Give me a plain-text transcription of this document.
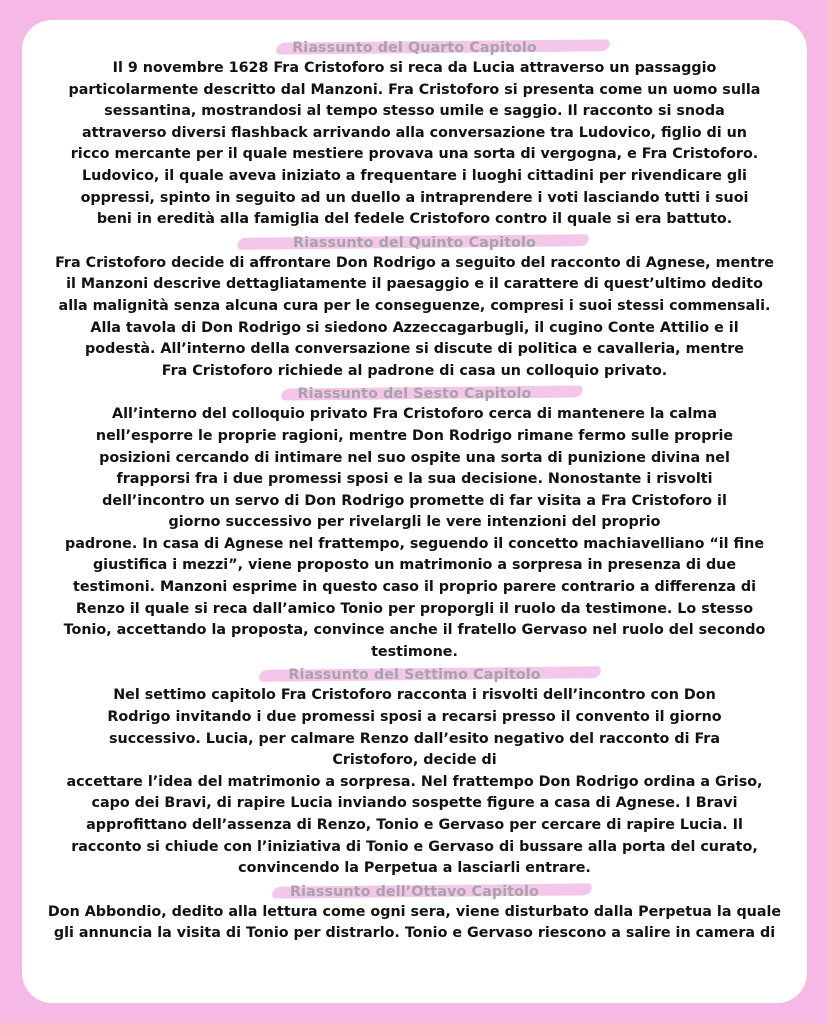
Riassunto del Quarto Capitolo

Il 9 novembre 1628 Fra Cristoforo si reca da Lucia attraverso un passaggio particolarmente descritto dal Manzoni. Fra Cristoforo si presenta come un uomo sulla sessantina, mostrandosi al tempo stesso umile e saggio. Il racconto si snoda attraverso diversi flashback arrivando alla conversazione tra Ludovico, figlio di un ricco mercante per il quale mestiere provava una sorta di vergogna, e Fra Cristoforo. Ludovico, il quale aveva iniziato a frequentare i luoghi cittadini per rivendicare gli oppressi, spinto in seguito ad un duello a intraprendere i voti lasciando tutti i suoi beni in eredità alla famiglia del fedele Cristoforo contro il quale si era battuto.

Riassunto del Quinto Capitolo

Fra Cristoforo decide di affrontare Don Rodrigo a seguito del racconto di Agnese, mentre il Manzoni descrive dettagliatamente il paesaggio e il carattere di quest’ultimo dedito alla malignità senza alcuna cura per le conseguenze, compresi i suoi stessi commensali.

Alla tavola di Don Rodrigo si siedono Azzeccagarbugli, il cugino Conte Attilio e il podestà. All’interno della conversazione si discute di politica e cavalleria, mentre Fra Cristoforo richiede al padrone di casa un colloquio privato.

Riassunto del Sesto Capitolo

All’interno del colloquio privato Fra Cristoforo cerca di mantenere la calma nell’esporre le proprie ragioni, mentre Don Rodrigo rimane fermo sulle proprie posizioni cercando di intimare nel suo ospite una sorta di punizione divina nel frapporsi fra i due promessi sposi e la sua decisione. Nonostante i risvolti dell’incontro un servo di Don Rodrigo promette di far visita a Fra Cristoforo il giorno successivo per rivelargli le vere intenzioni del proprio

padrone. In casa di Agnese nel frattempo, seguendo il concetto machiavelliano “il fine giustifica i mezzi”, viene proposto un matrimonio a sorpresa in presenza di due testimoni. Manzoni esprime in questo caso il proprio parere contrario a differenza di Renzo il quale si reca dall’amico Tonio per proporgli il ruolo da testimone. Lo stesso Tonio, accettando la proposta, convince anche il fratello Gervaso nel ruolo del secondo testimone.

Riassunto del Settimo Capitolo

Nel settimo capitolo Fra Cristoforo racconta i risvolti dell’incontro con Don Rodrigo invitando i due promessi sposi a recarsi presso il convento il giorno successivo. Lucia, per calmare Renzo dall’esito negativo del racconto di Fra Cristoforo, decide di

accettare l’idea del matrimonio a sorpresa. Nel frattempo Don Rodrigo ordina a Griso, capo dei Bravi, di rapire Lucia inviando sospette figure a casa di Agnese. I Bravi approfittano dell’assenza di Renzo, Tonio e Gervaso per cercare di rapire Lucia. Il racconto si chiude con l’iniziativa di Tonio e Gervaso di bussare alla porta del curato, convincendo la Perpetua a lasciarli entrare.

Riassunto dell’Ottavo Capitolo

Don Abbondio, dedito alla lettura come ogni sera, viene disturbato dalla Perpetua la quale gli annuncia la visita di Tonio per distrarlo. Tonio e Gervaso riescono a salire in camera di
